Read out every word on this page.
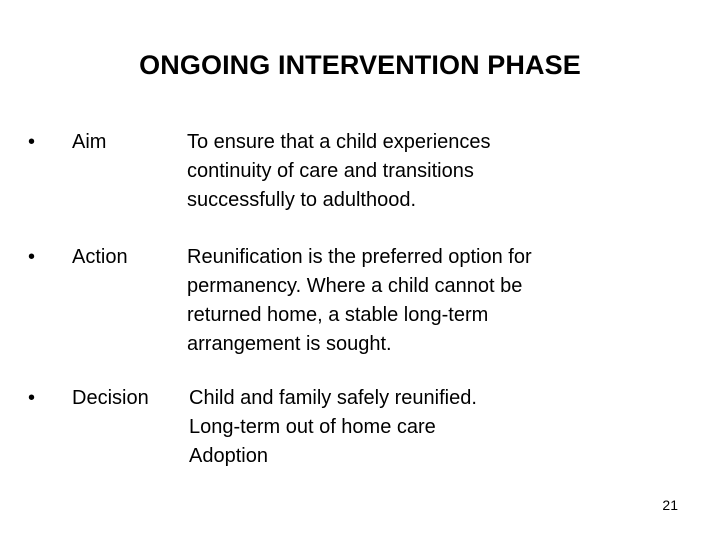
ONGOING INTERVENTION PHASE
• Aim	To ensure that a child experiences
continuity of care and transitions
successfully to adulthood.
• Action	Reunification is the preferred option for
permanency. Where a child cannot be
returned home, a stable long-term
arrangement is sought.
• Decision Child and family safely reunified.
Long-term out of home care
Adoption
21
